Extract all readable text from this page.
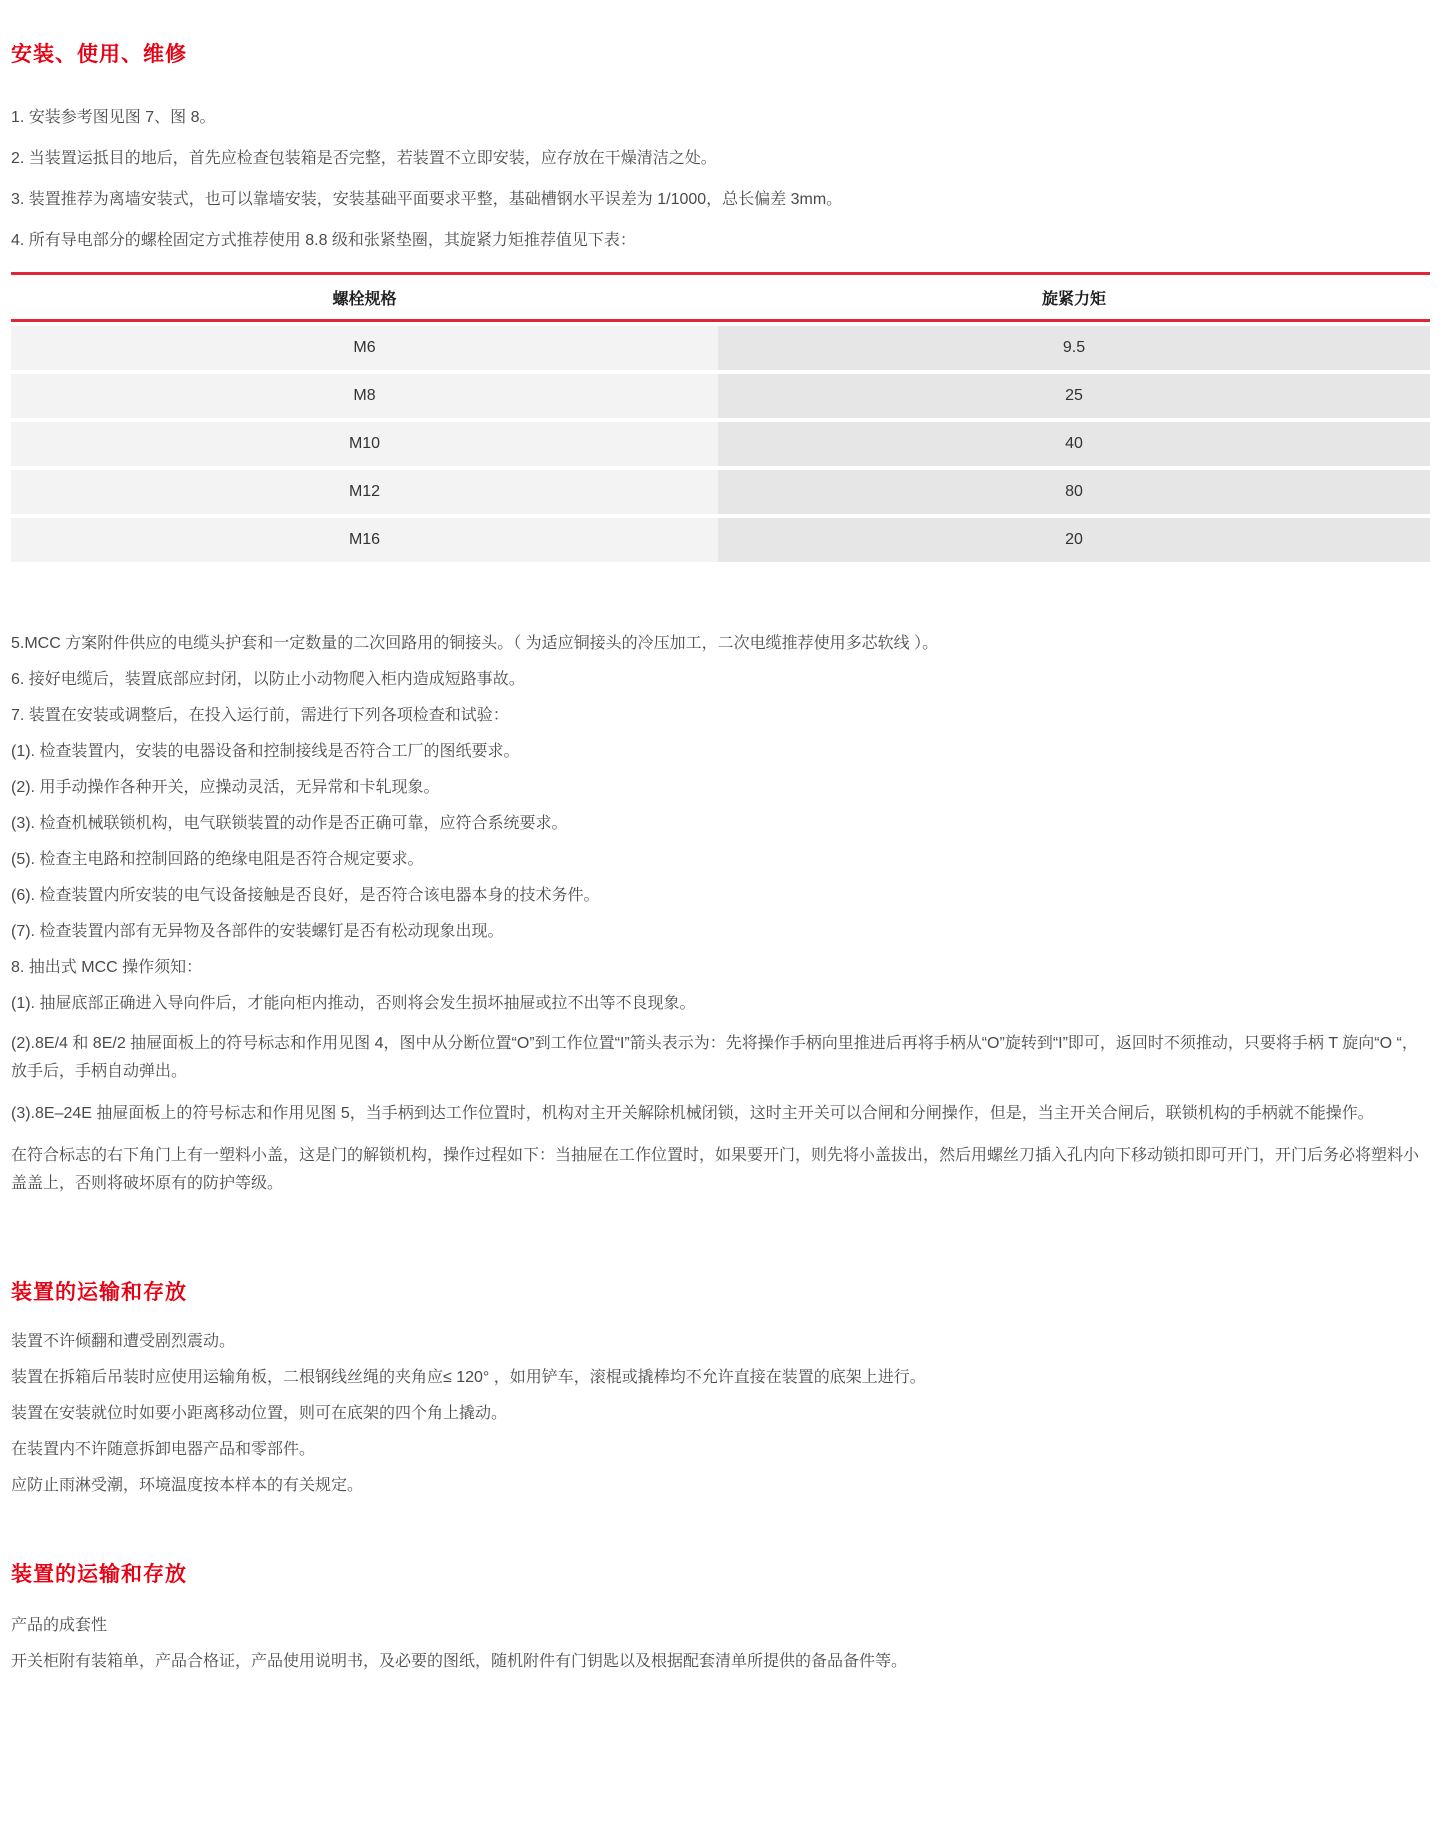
安装、使用、维修

1. 安装参考图见图 7、图 8。

2. 当装置运抵目的地后，首先应检查包装箱是否完整，若装置不立即安装，应存放在干燥清洁之处。

3. 装置推荐为离墙安装式，也可以靠墙安装，安装基础平面要求平整，基础槽钢水平误差为 1/1000，总长偏差 3mm。

4. 所有导电部分的螺栓固定方式推荐使用 8.8 级和张紧垫圈，其旋紧力矩推荐值见下表：

螺栓规格	旋紧力矩
M6	9.5
M8	25
M10	40
M12	80
M16	20

5.MCC 方案附件供应的电缆头护套和一定数量的二次回路用的铜接头。（ 为适应铜接头的冷压加工，二次电缆推荐使用多芯软线 ）。

6. 接好电缆后，装置底部应封闭，以防止小动物爬入柜内造成短路事故。

7. 装置在安装或调整后，在投入运行前，需进行下列各项检查和试验：

(1). 检查装置内，安装的电器设备和控制接线是否符合工厂的图纸要求。

(2). 用手动操作各种开关，应操动灵活，无异常和卡轧现象。

(3). 检查机械联锁机构，电气联锁装置的动作是否正确可靠，应符合系统要求。

(5). 检查主电路和控制回路的绝缘电阻是否符合规定要求。

(6). 检查装置内所安装的电气设备接触是否良好，是否符合该电器本身的技术务件。

(7). 检查装置内部有无异物及各部件的安装螺钉是否有松动现象出现。

8. 抽出式 MCC 操作须知：

(1). 抽屉底部正确进入导向件后，才能向柜内推动，否则将会发生损坏抽屉或拉不出等不良现象。

(2).8E/4 和 8E/2 抽屉面板上的符号标志和作用见图 4，图中从分断位置“O”到工作位置“I”箭头表示为：先将操作手柄向里推进后再将手柄从“O”旋转到“I”即可，返回时不须推动，只要将手柄 T 旋向“O “，放手后，手柄自动弹出。

(3).8E–24E 抽屉面板上的符号标志和作用见图 5，当手柄到达工作位置时，机构对主开关解除机械闭锁，这时主开关可以合闸和分闸操作，但是，当主开关合闸后，联锁机构的手柄就不能操作。

在符合标志的右下角门上有一塑料小盖，这是门的解锁机构，操作过程如下：当抽屉在工作位置时，如果要开门，则先将小盖拔出，然后用螺丝刀插入孔内向下移动锁扣即可开门，开门后务必将塑料小盖盖上，否则将破坏原有的防护等级。

装置的运输和存放

装置不许倾翻和遭受剧烈震动。

装置在拆箱后吊装时应使用运输角板，二根钢线丝绳的夹角应≤ 120° ，如用铲车，滚棍或撬棒均不允许直接在装置的底架上进行。

装置在安装就位时如要小距离移动位置，则可在底架的四个角上撬动。

在装置内不许随意拆卸电器产品和零部件。

应防止雨淋受潮，环境温度按本样本的有关规定。

装置的运输和存放

产品的成套性

开关柜附有装箱单，产品合格证，产品使用说明书，及必要的图纸，随机附件有门钥匙以及根据配套清单所提供的备品备件等。
